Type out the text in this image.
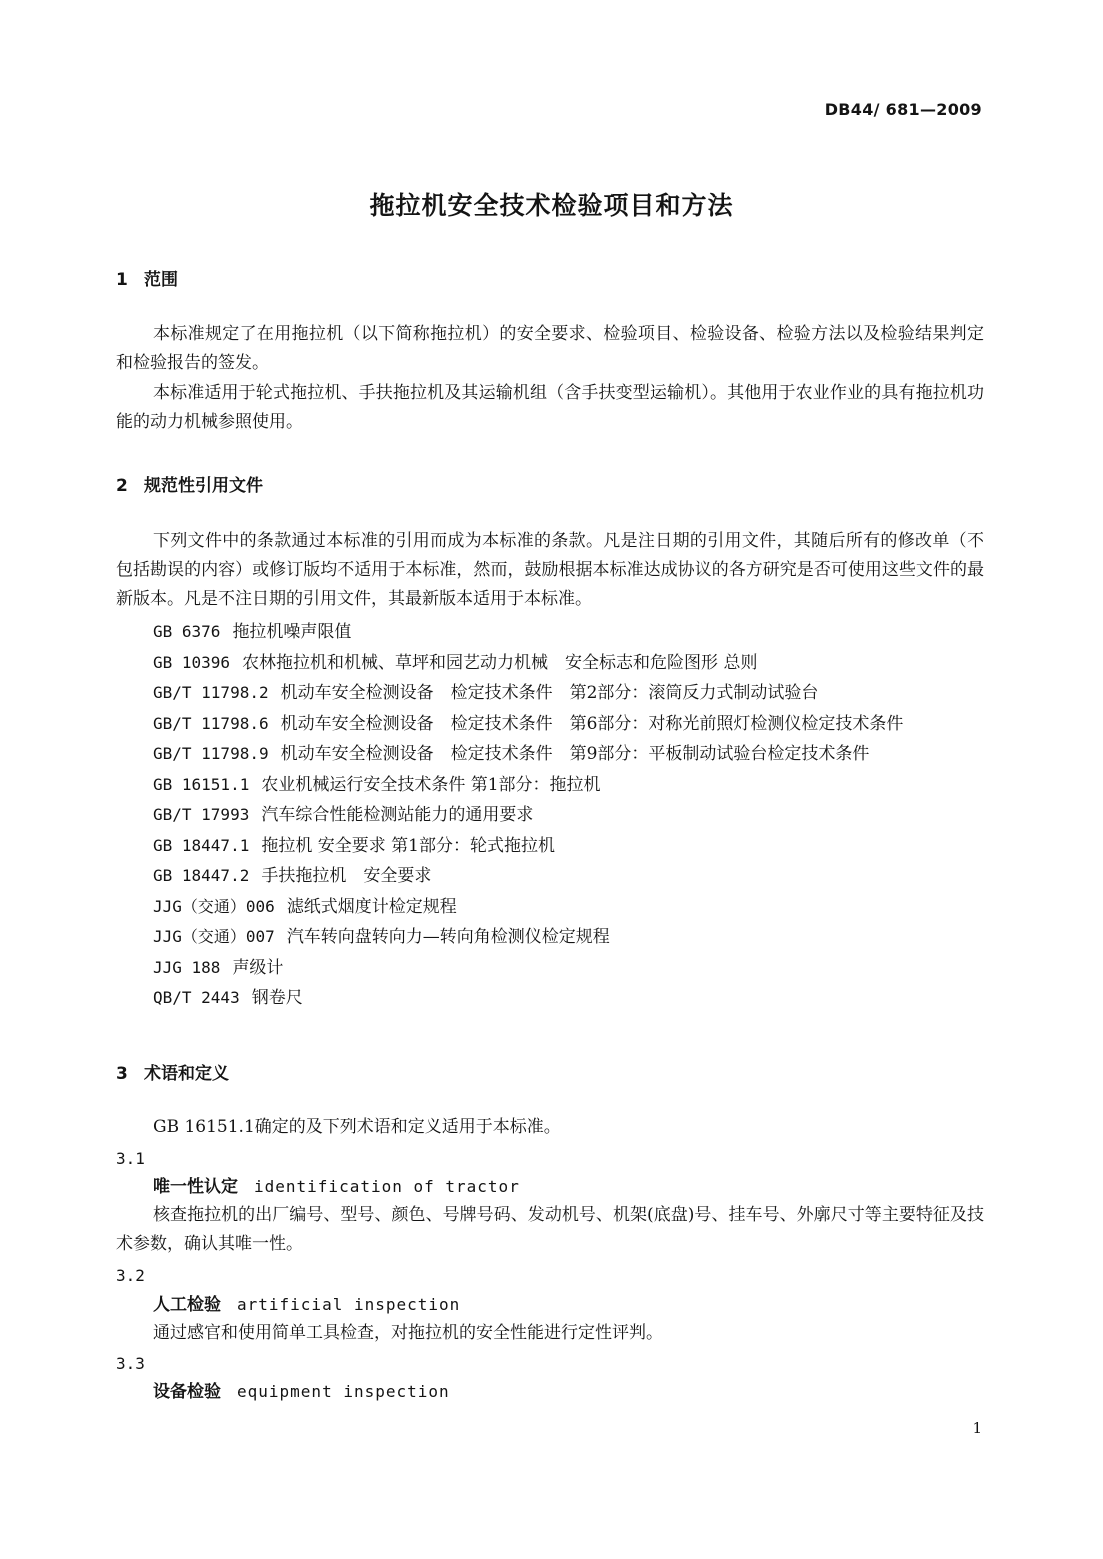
DB44/ 681—2009
拖拉机安全技术检验项目和方法
1 范围
本标准规定了在用拖拉机（以下简称拖拉机）的安全要求、检验项目、检验设备、检验方法以及检验结果判定和检验报告的签发。
本标准适用于轮式拖拉机、手扶拖拉机及其运输机组（含手扶变型运输机）。其他用于农业作业的具有拖拉机功能的动力机械参照使用。
2 规范性引用文件
下列文件中的条款通过本标准的引用而成为本标准的条款。凡是注日期的引用文件，其随后所有的修改单（不包括勘误的内容）或修订版均不适用于本标准，然而，鼓励根据本标准达成协议的各方研究是否可使用这些文件的最新版本。凡是不注日期的引用文件，其最新版本适用于本标准。
GB 6376 拖拉机噪声限值
GB 10396 农林拖拉机和机械、草坪和园艺动力机械　安全标志和危险图形 总则
GB/T 11798.2 机动车安全检测设备　检定技术条件　第2部分：滚筒反力式制动试验台
GB/T 11798.6 机动车安全检测设备　检定技术条件　第6部分：对称光前照灯检测仪检定技术条件
GB/T 11798.9 机动车安全检测设备　检定技术条件　第9部分：平板制动试验台检定技术条件
GB 16151.1 农业机械运行安全技术条件 第1部分：拖拉机
GB/T 17993 汽车综合性能检测站能力的通用要求
GB 18447.1 拖拉机 安全要求 第1部分：轮式拖拉机
GB 18447.2 手扶拖拉机　安全要求
JJG（交通）006 滤纸式烟度计检定规程
JJG（交通）007 汽车转向盘转向力—转向角检测仪检定规程
JJG 188 声级计
QB/T 2443 钢卷尺
3 术语和定义
GB 16151.1确定的及下列术语和定义适用于本标准。
3.1
唯一性认定 identification of tractor
核查拖拉机的出厂编号、型号、颜色、号牌号码、发动机号、机架(底盘)号、挂车号、外廓尺寸等主要特征及技术参数，确认其唯一性。
3.2
人工检验 artificial inspection
通过感官和使用简单工具检查，对拖拉机的安全性能进行定性评判。
3.3
设备检验 equipment inspection
1
